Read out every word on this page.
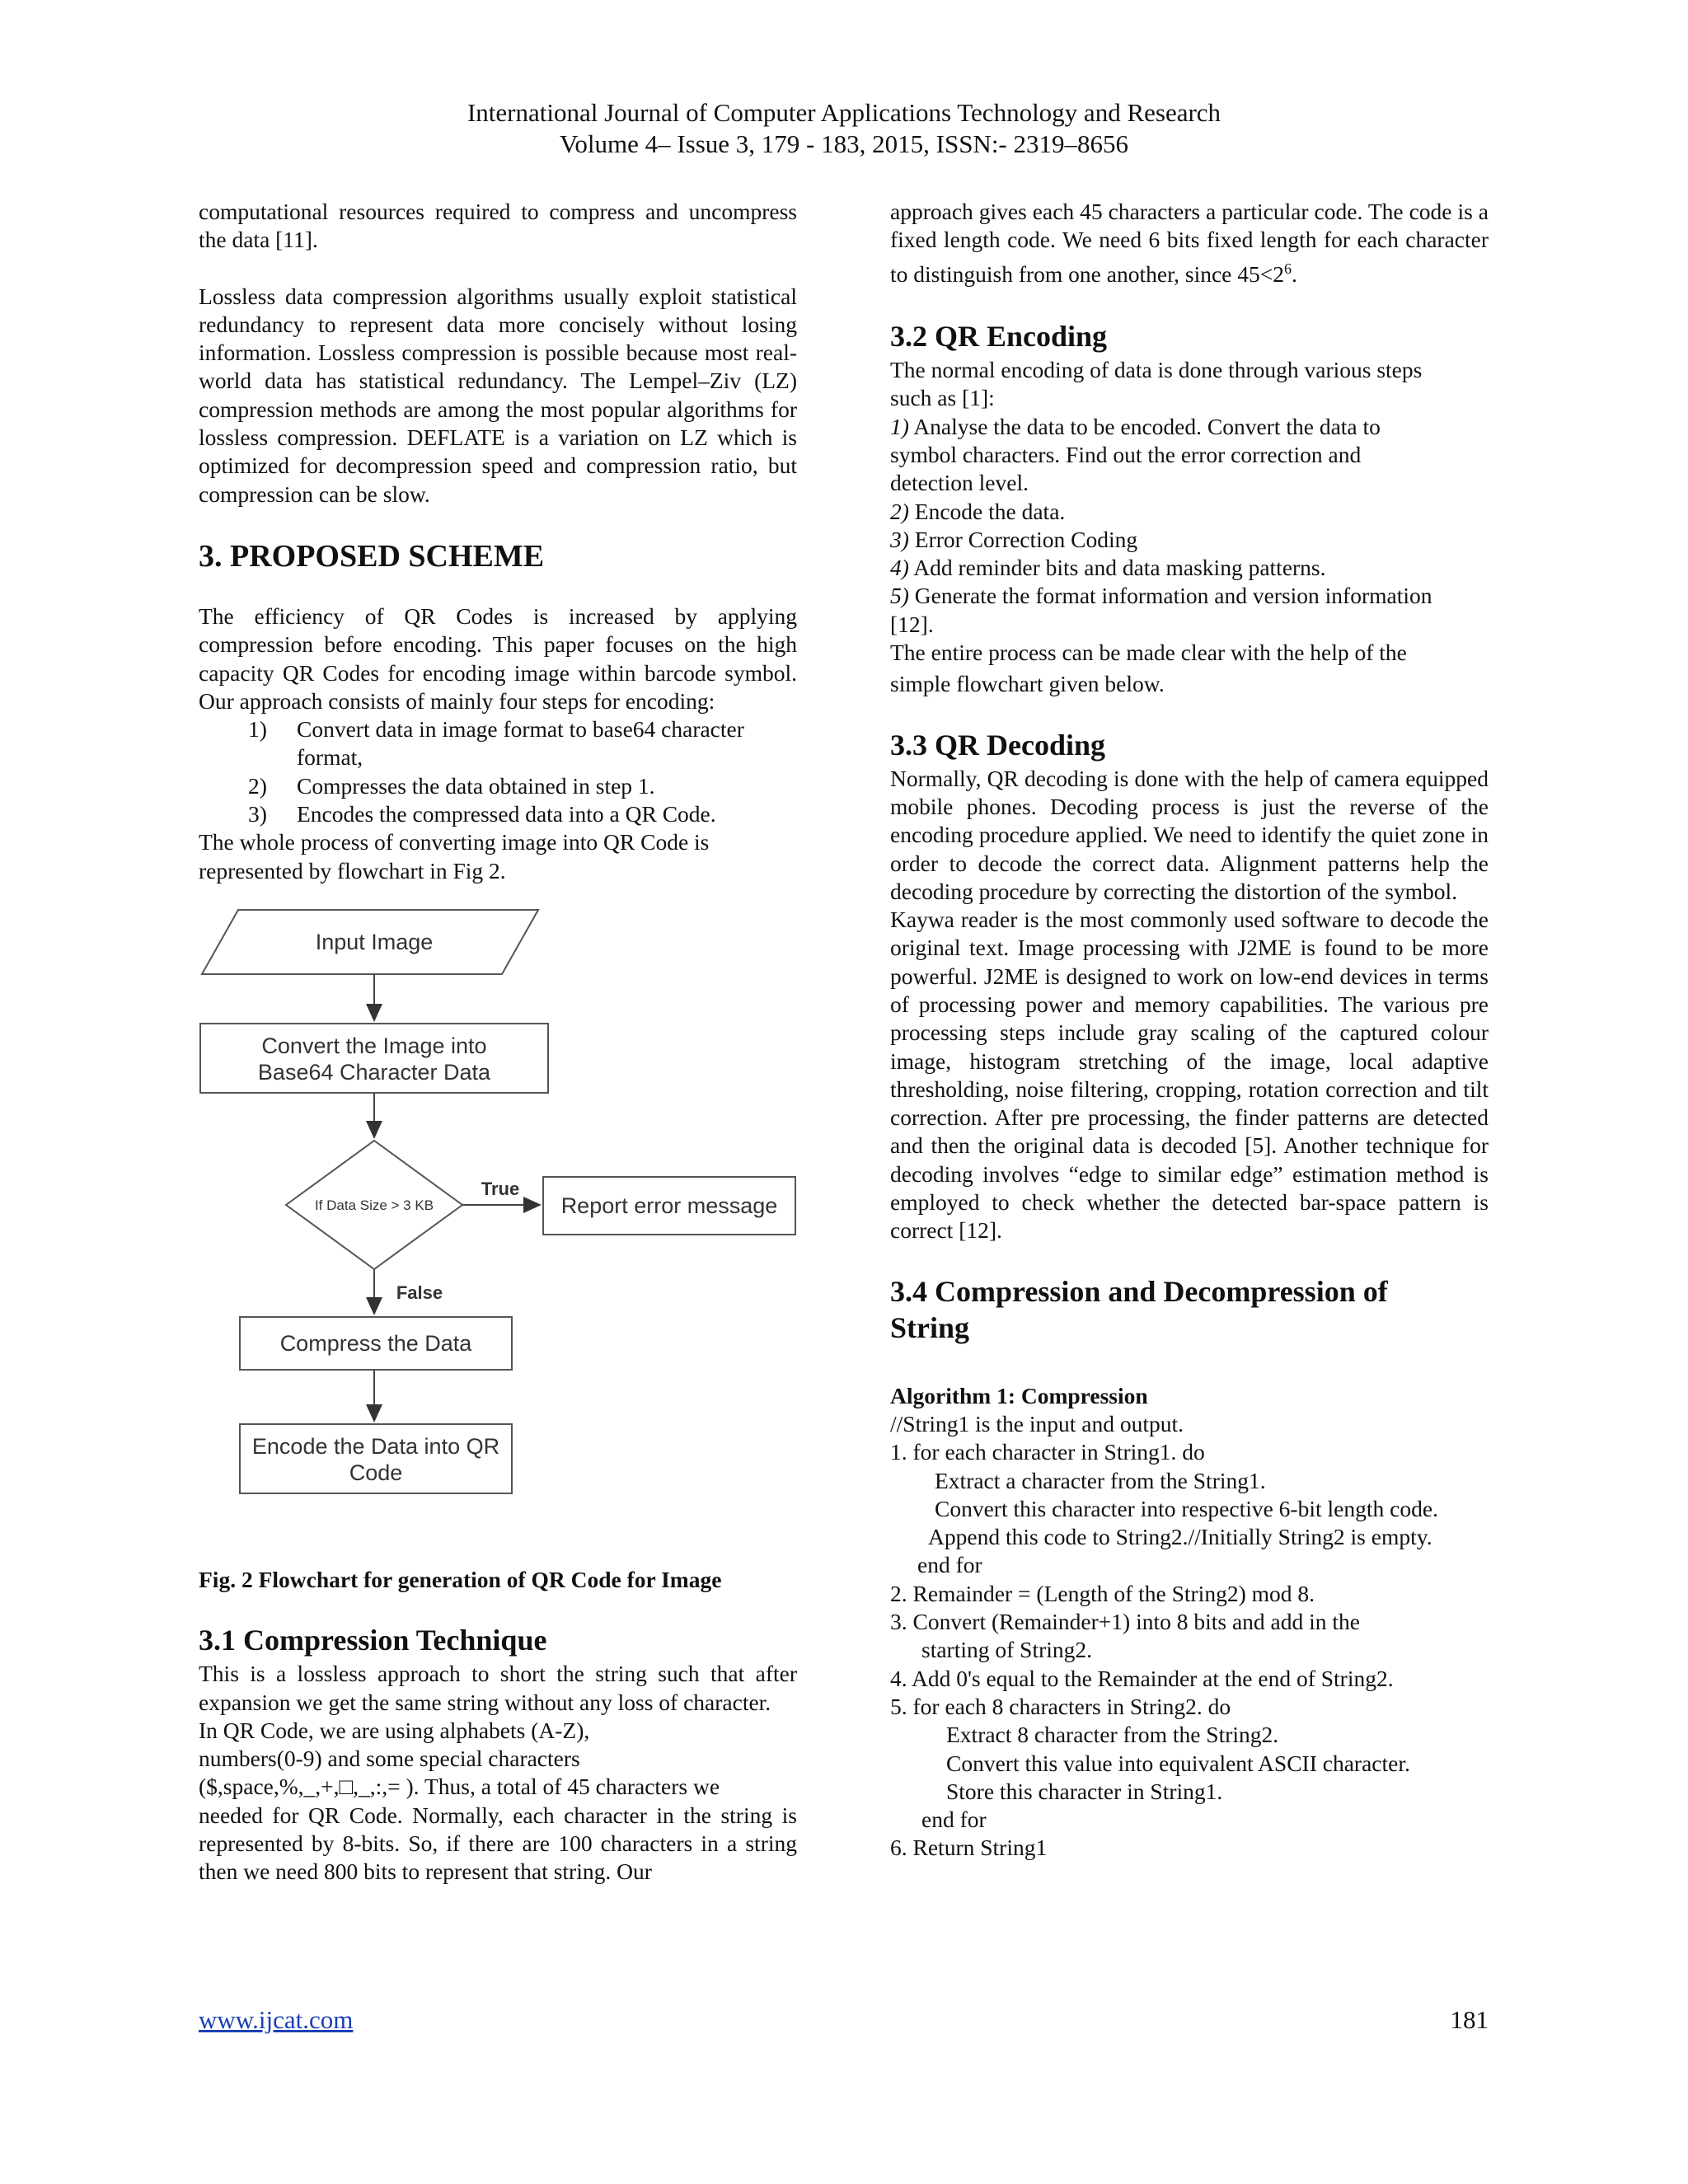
International Journal of Computer Applications Technology and Research
Volume 4– Issue 3, 179 - 183, 2015, ISSN:- 2319–8656

computational resources required to compress and uncompress the data [11].

Lossless data compression algorithms usually exploit statistical redundancy to represent data more concisely without losing information. Lossless compression is possible because most real-world data has statistical redundancy. The Lempel–Ziv (LZ) compression methods are among the most popular algorithms for lossless compression. DEFLATE is a variation on LZ which is optimized for decompression speed and compression ratio, but compression can be slow.

3. PROPOSED SCHEME

The efficiency of QR Codes is increased by applying compression before encoding. This paper focuses on the high capacity QR Codes for encoding image within barcode symbol. Our approach consists of mainly four steps for encoding:

1) Convert data in image format to base64 character format,
2) Compresses the data obtained in step 1.
3) Encodes the compressed data into a QR Code.

The whole process of converting image into QR Code is represented by flowchart in Fig 2.

Input Image
Convert the Image into
Base64 Character Data
If Data Size > 3 KB
True
Report error message
False
Compress the Data
Encode the Data into QR
Code

Fig. 2 Flowchart for generation of QR Code for Image

3.1 Compression Technique

This is a lossless approach to short the string such that after expansion we get the same string without any loss of character.
In QR Code, we are using alphabets (A-Z),
numbers(0-9) and some special characters
($,space,%,_,+,□,_,:,= ). Thus, a total of 45 characters we
needed for QR Code. Normally, each character in the string is represented by 8-bits. So, if there are 100 characters in a string then we need 800 bits to represent that string. Our

approach gives each 45 characters a particular code. The code is a fixed length code. We need 6 bits fixed length for each character to distinguish from one another, since $45<2^6$.

3.2 QR Encoding
The normal encoding of data is done through various steps
such as [1]:
1) Analyse the data to be encoded. Convert the data to
symbol characters. Find out the error correction and
detection level.
2) Encode the data.
3) Error Correction Coding
4) Add reminder bits and data masking patterns.
5) Generate the format information and version information
[12].
The entire process can be made clear with the help of the
simple flowchart given below.
3.3 QR Decoding

Normally, QR decoding is done with the help of camera equipped mobile phones. Decoding process is just the reverse of the encoding procedure applied. We need to identify the quiet zone in order to decode the correct data. Alignment patterns help the decoding procedure by correcting the distortion of the symbol.

Kaywa reader is the most commonly used software to decode the original text. Image processing with J2ME is found to be more powerful. J2ME is designed to work on low-end devices in terms of processing power and memory capabilities. The various pre processing steps include gray scaling of the captured colour image, histogram stretching of the image, local adaptive thresholding, noise filtering, cropping, rotation correction and tilt correction. After pre processing, the finder patterns are detected and then the original data is decoded [5]. Another technique for decoding involves “edge to similar edge” estimation method is employed to check whether the detected bar-space pattern is correct [12].

3.4 Compression and Decompression of
String

Algorithm 1: Compression

//String1 is the input and output.
1. for each character in String1. do
Extract a character from the String1.
Convert this character into respective 6-bit length code.
Append this code to String2.//Initially String2 is empty.
end for
2. Remainder = (Length of the String2) mod 8.
3. Convert (Remainder+1) into 8 bits and add in the
starting of String2.
4. Add 0's equal to the Remainder at the end of String2.
5. for each 8 characters in String2. do
Extract 8 character from the String2.
Convert this value into equivalent ASCII character.
Store this character in String1.
end for
6. Return String1
www.ijcat.com	181
